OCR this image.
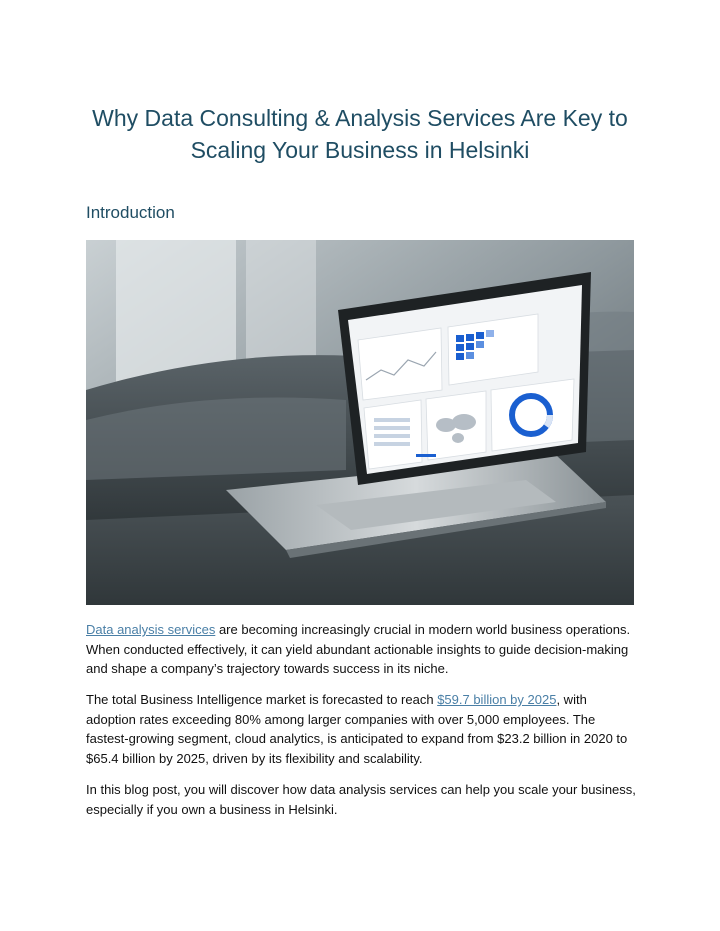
Why Data Consulting & Analysis Services Are Key to Scaling Your Business in Helsinki
Introduction

Data analysis services are becoming increasingly crucial in modern world business operations. When conducted effectively, it can yield abundant actionable insights to guide decision-making and shape a company’s trajectory towards success in its niche.

The total Business Intelligence market is forecasted to reach $59.7 billion by 2025, with adoption rates exceeding 80% among larger companies with over 5,000 employees. The fastest-growing segment, cloud analytics, is anticipated to expand from $23.2 billion in 2020 to $65.4 billion by 2025, driven by its flexibility and scalability.

In this blog post, you will discover how data analysis services can help you scale your business, especially if you own a business in Helsinki.
